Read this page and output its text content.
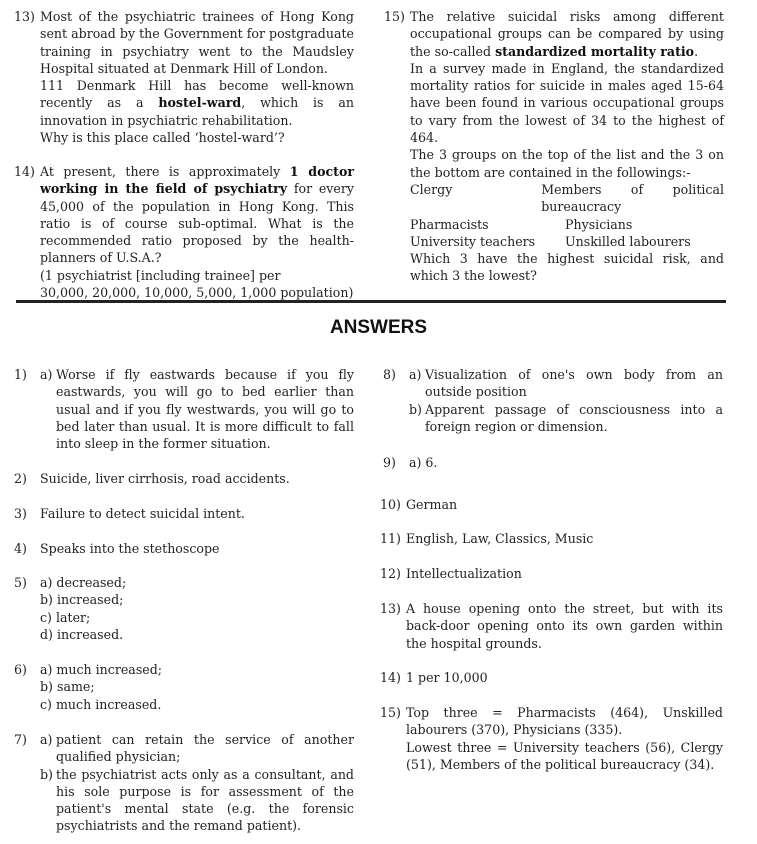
13) Most of the psychiatric trainees of Hong Kong sent abroad by the Government for postgraduate training in psychiatry went to the Maudsley Hospital situated at Denmark Hill of London.

111 Denmark Hill has become well-known recently as a hostel-ward, which is an innovation in psychiatric rehabilitation.

Why is this place called ‘hostel-ward’?

14) At present, there is approximately 1 doctor working in the field of psychiatry for every 45,000 of the population in Hong Kong. This ratio is of course sub-optimal. What is the recommended ratio proposed by the health-planners of U.S.A.?

(1 psychiatrist [including trainee] per

30,000, 20,000, 10,000, 5,000, 1,000 population)

15) The relative suicidal risks among different occupational groups can be compared by using the so-called standardized mortality ratio.

In a survey made in England, the standardized mortality ratios for suicide in males aged 15-64 have been found in various occupational groups to vary from the lowest of 34 to the highest of 464.

The 3 groups on the top of the list and the 3 on the bottom are contained in the followings:-

Clergy	Members of political bureaucracy
Pharmacists	Physicians
University teachers	Unskilled labourers

Which 3 have the highest suicidal risk, and which 3 the lowest?

ANSWERS
1) a) Worse if fly eastwards because if you fly eastwards, you will go to bed earlier than usual and if you fly westwards, you will go to bed later than usual. It is more difficult to fall into sleep in the former situation.
2) Suicide, liver cirrhosis, road accidents.
3) Failure to detect suicidal intent.
4) Speaks into the stethoscope
5) a) decreased;
b) increased;
c) later;
d) increased.
6) a) much increased;
b) same;
c) much increased.
7) a) patient can retain the service of another qualified physician;
b) the psychiatrist acts only as a consultant, and his sole purpose is for assessment of the patient's mental state (e.g. the forensic psychiatrists and the remand patient).
8) a) Visualization of one's own body from an outside position
b) Apparent passage of consciousness into a foreign region or dimension.
9) a) 6.
10) German
11) English, Law, Classics, Music
12) Intellectualization
13) A house opening onto the street, but with its back-door opening onto its own garden within the hospital grounds.
14) 1 per 10,000
15) Top three = Pharmacists (464), Unskilled labourers (370), Physicians (335).
Lowest three = University teachers (56), Clergy (51), Members of the political bureaucracy (34).
